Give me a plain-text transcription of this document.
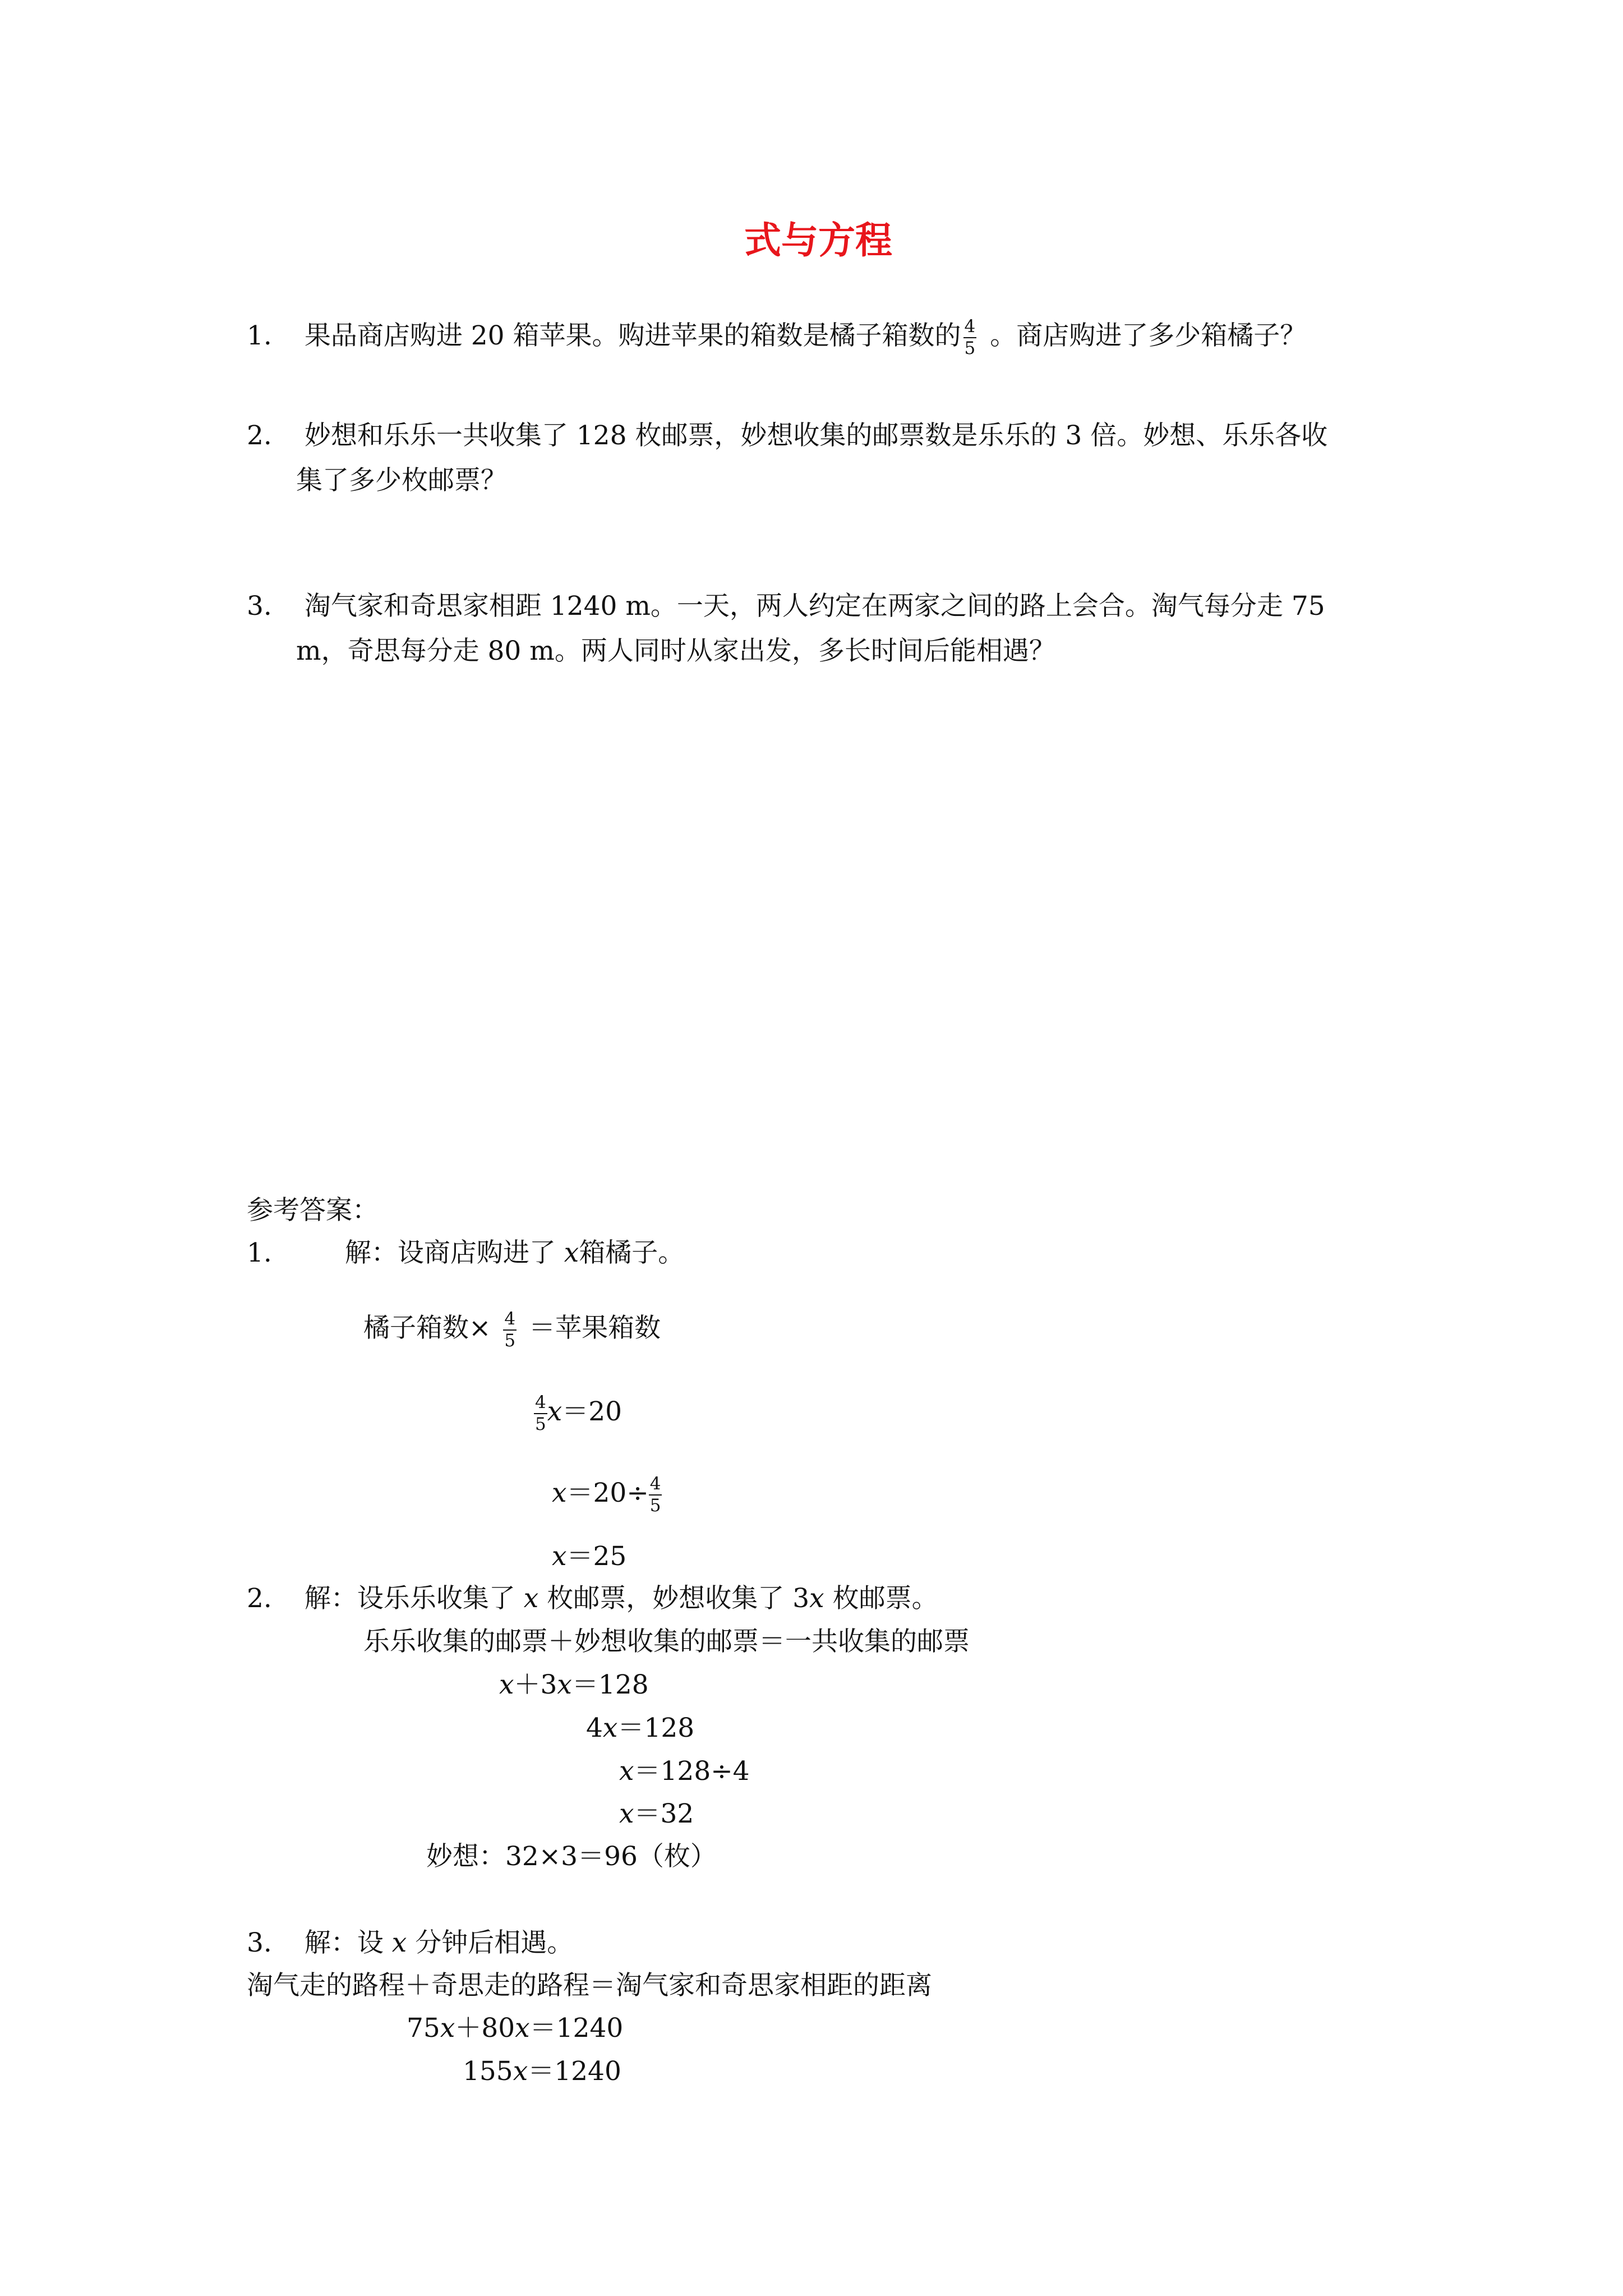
式与方程
1. 果品商店购进 20 箱苹果。购进苹果的箱数是橘子箱数的 $\frac{4}{5}$ 。商店购进了多少箱橘子？
2. 妙想和乐乐一共收集了 128 枚邮票，妙想收集的邮票数是乐乐的 3 倍。妙想、乐乐各收
集了多少枚邮票？
3. 淘气家和奇思家相距 1240 m。一天，两人约定在两家之间的路上会合。淘气每分走 75
m，奇思每分走 80 m。两人同时从家出发，多长时间后能相遇？
参考答案：
1.	解：设商店购进了 x箱橘子。
橘子箱数× $\frac{4}{5}$ ＝苹果箱数
$\frac{4}{5} x=20$
$x=20\div \frac{4}{5}$
x＝25
2. 解：设乐乐收集了 x 枚邮票，妙想收集了 3x 枚邮票。
乐乐收集的邮票＋妙想收集的邮票＝一共收集的邮票
x＋3x＝128
4x＝128
x＝128÷4
x＝32
妙想：32×3＝96（枚）
3. 解：设 x 分钟后相遇。
淘气走的路程＋奇思走的路程＝淘气家和奇思家相距的距离
75x＋80x＝1240
155x＝1240
